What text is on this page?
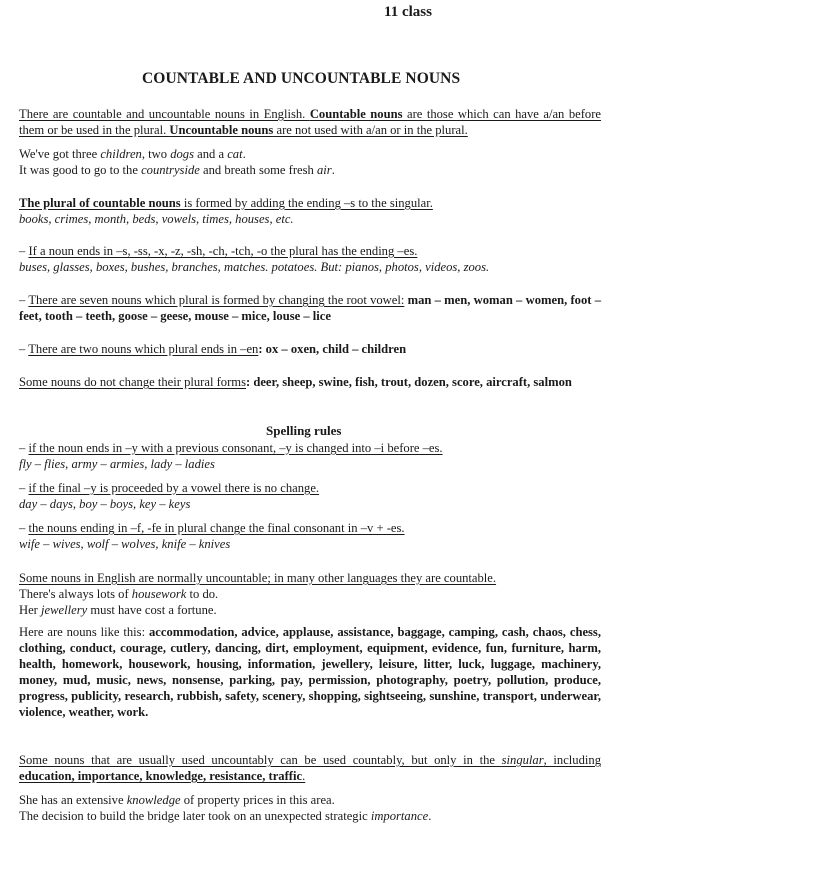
11 class
COUNTABLE AND UNCOUNTABLE NOUNS
There are countable and uncountable nouns in English. Countable nouns are those which can have a/an before them or be used in the plural. Uncountable nouns are not used with a/an or in the plural.

We've got three children, two dogs and a cat.

It was good to go to the countryside and breath some fresh air.

The plural of countable nouns is formed by adding the ending –s to the singular.

books, crimes, month, beds, vowels, times, houses, etc.

– If a noun ends in –s, -ss, -x, -z, -sh, -ch, -tch, -o the plural has the ending –es.

buses, glasses, boxes, bushes, branches, matches. potatoes. But: pianos, photos, videos, zoos.

– There are seven nouns which plural is formed by changing the root vowel: man – men, woman – women, foot – feet, tooth – teeth, goose – geese, mouse – mice, louse – lice

– There are two nouns which plural ends in –en: ox – oxen, child – children

Some nouns do not change their plural forms: deer, sheep, swine, fish, trout, dozen, score, aircraft, salmon

Spelling rules

– if the noun ends in –y with a previous consonant, –y is changed into –i before –es.

fly – flies, army – armies, lady – ladies

– if the final –y is proceeded by a vowel there is no change.

day – days, boy – boys, key – keys

– the nouns ending in –f, -fe in plural change the final consonant in –v + -es.

wife – wives, wolf – wolves, knife – knives

Some nouns in English are normally uncountable; in many other languages they are countable.

There's always lots of housework to do.

Her jewellery must have cost a fortune.

Here are nouns like this: accommodation, advice, applause, assistance, baggage, camping, cash, chaos, chess, clothing, conduct, courage, cutlery, dancing, dirt, employment, equipment, evidence, fun, furniture, harm, health, homework, housework, housing, information, jewellery, leisure, litter, luck, luggage, machinery, money, mud, music, news, nonsense, parking, pay, permission, photography, poetry, pollution, produce, progress, publicity, research, rubbish, safety, scenery, shopping, sightseeing, sunshine, transport, underwear, violence, weather, work.

Some nouns that are usually used uncountably can be used countably, but only in the singular, including education, importance, knowledge, resistance, traffic.

She has an extensive knowledge of property prices in this area.

The decision to build the bridge later took on an unexpected strategic importance.
